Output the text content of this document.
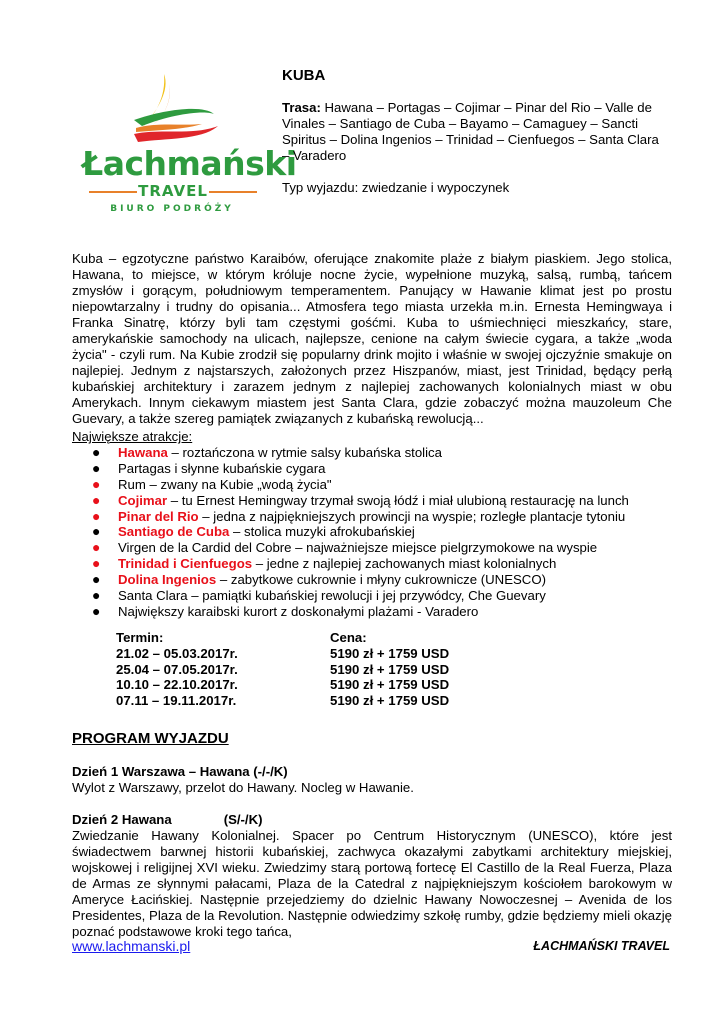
Łachmański
TRAVEL
BIURO PODRÓŻY
KUBA
Trasa: Hawana – Portagas – Cojimar – Pinar del Rio – Valle de Vinales – Santiago de Cuba – Bayamo – Camaguey – Sancti Spiritus – Dolina Ingenios – Trinidad – Cienfuegos – Santa Clara – Varadero
Typ wyjazdu: zwiedzanie i wypoczynek
Kuba – egzotyczne państwo Karaibów, oferujące znakomite plaże z białym piaskiem. Jego stolica, Hawana, to miejsce, w którym króluje nocne życie, wypełnione muzyką, salsą, rumbą, tańcem zmysłów i gorącym, południowym temperamentem. Panujący w Hawanie klimat jest po prostu niepowtarzalny i trudny do opisania... Atmosfera tego miasta urzekła m.in. Ernesta Hemingwaya i Franka Sinatrę, którzy byli tam częstymi gośćmi. Kuba to uśmiechnięci mieszkańcy, stare, amerykańskie samochody na ulicach, najlepsze, cenione na całym świecie cygara, a także „woda życia" - czyli rum. Na Kubie zrodził się popularny drink mojito i właśnie w swojej ojczyźnie smakuje on najlepiej. Jednym z najstarszych, założonych przez Hiszpanów, miast, jest Trinidad, będący perłą kubańskiej architektury i zarazem jednym z najlepiej zachowanych kolonialnych miast w obu Amerykach. Innym ciekawym miastem jest Santa Clara, gdzie zobaczyć można mauzoleum Che Guevary, a także szereg pamiątek związanych z kubańską rewolucją...
Największe atrakcje:
● Hawana – roztańczona w rytmie salsy kubańska stolica
● Partagas i słynne kubańskie cygara
● Rum – zwany na Kubie „wodą życia"
● Cojimar – tu Ernest Hemingway trzymał swoją łódź i miał ulubioną restaurację na lunch
● Pinar del Rio – jedna z najpiękniejszych prowincji na wyspie; rozległe plantacje tytoniu
● Santiago de Cuba – stolica muzyki afrokubańskiej
● Virgen de la Cardid del Cobre – najważniejsze miejsce pielgrzymokowe na wyspie
● Trinidad i Cienfuegos – jedne z najlepiej zachowanych miast kolonialnych
● Dolina Ingenios – zabytkowe cukrownie i młyny cukrownicze (UNESCO)
● Santa Clara – pamiątki kubańskiej rewolucji i jej przywódcy, Che Guevary
● Największy karaibski kurort z doskonałymi plażami - Varadero
Termin:	Cena:
21.02 – 05.03.2017r.	5190 zł + 1759 USD
25.04 – 07.05.2017r.	5190 zł + 1759 USD
10.10 – 22.10.2017r.	5190 zł + 1759 USD
07.11 – 19.11.2017r.	5190 zł + 1759 USD
PROGRAM WYJAZDU
Dzień 1 Warszawa – Hawana (-/-/K)

Wylot z Warszawy, przelot do Hawany. Nocleg w Hawanie.

Dzień 2 Hawana	(S/-/K)

Zwiedzanie Hawany Kolonialnej. Spacer po Centrum Historycznym (UNESCO), które jest świadectwem barwnej historii kubańskiej, zachwyca okazałymi zabytkami architektury miejskiej, wojskowej i religijnej XVI wieku. Zwiedzimy starą portową fortecę El Castillo de la Real Fuerza, Plaza de Armas ze słynnymi pałacami, Plaza de la Catedral z najpiękniejszym kościołem barokowym w Ameryce Łacińskiej. Następnie przejedziemy do dzielnic Hawany Nowoczesnej – Avenida de los Presidentes, Plaza de la Revolution. Następnie odwiedzimy szkołę rumby, gdzie będziemy mieli okazję poznać podstawowe kroki tego tańca,

www.lachmanski.pl	ŁACHMAŃSKI TRAVEL
